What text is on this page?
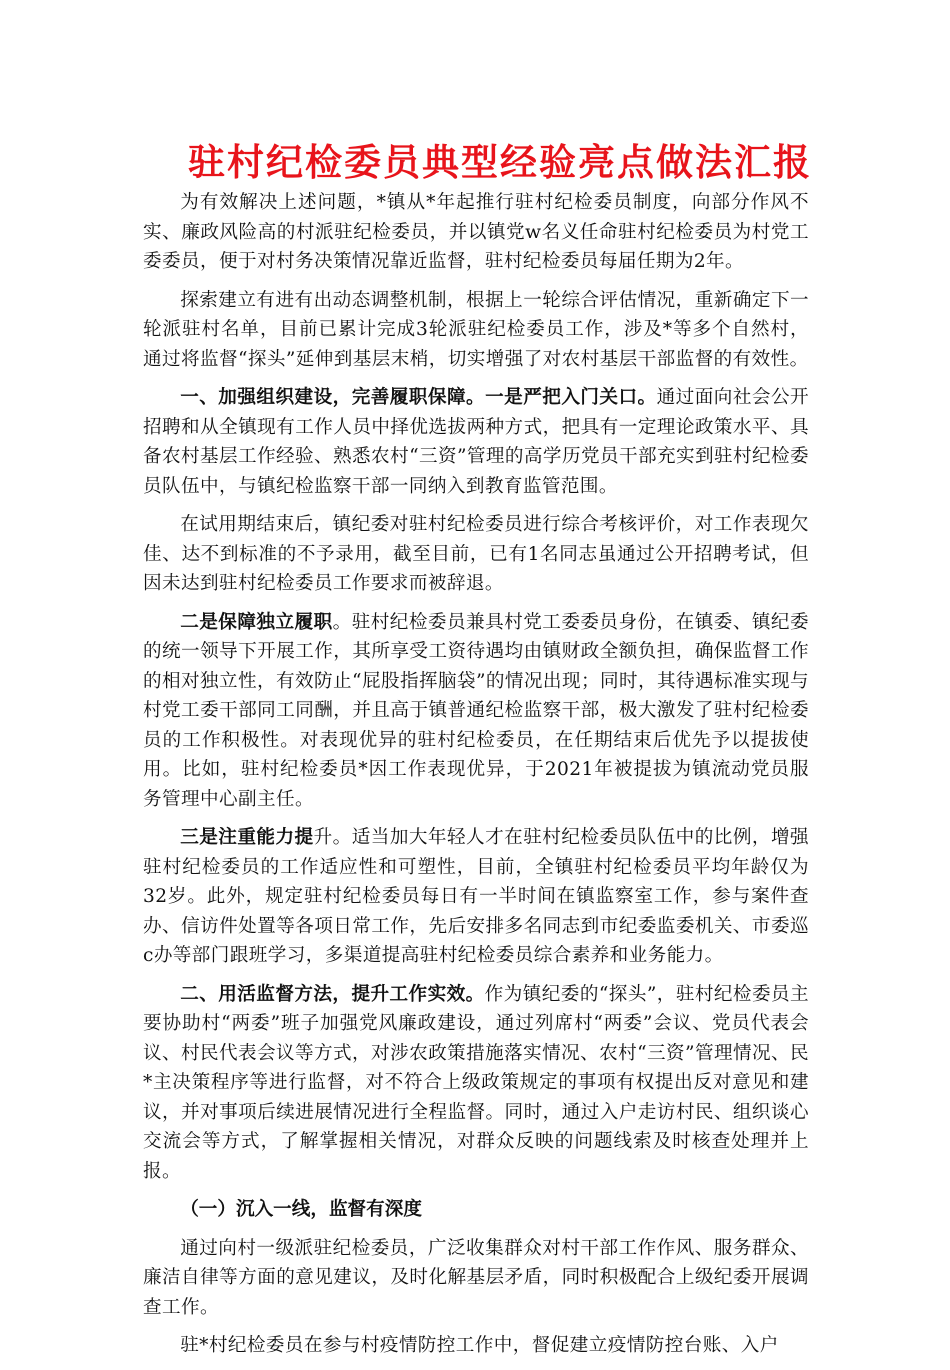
驻村纪检委员典型经验亮点做法汇报

为有效解决上述问题，*镇从*年起推行驻村纪检委员制度，向部分作风不实、廉政风险高的村派驻纪检委员，并以镇党w名义任命驻村纪检委员为村党工委委员，便于对村务决策情况靠近监督，驻村纪检委员每届任期为2年。

探索建立有进有出动态调整机制，根据上一轮综合评估情况，重新确定下一轮派驻村名单，目前已累计完成3轮派驻纪检委员工作，涉及*等多个自然村，通过将监督“探头”延伸到基层末梢，切实增强了对农村基层干部监督的有效性。

一、加强组织建设，完善履职保障。一是严把入门关口。通过面向社会公开招聘和从全镇现有工作人员中择优选拔两种方式，把具有一定理论政策水平、具备农村基层工作经验、熟悉农村“三资”管理的高学历党员干部充实到驻村纪检委员队伍中，与镇纪检监察干部一同纳入到教育监管范围。

在试用期结束后，镇纪委对驻村纪检委员进行综合考核评价，对工作表现欠佳、达不到标准的不予录用，截至目前，已有1名同志虽通过公开招聘考试，但因未达到驻村纪检委员工作要求而被辞退。

二是保障独立履职。驻村纪检委员兼具村党工委委员身份，在镇委、镇纪委的统一领导下开展工作，其所享受工资待遇均由镇财政全额负担，确保监督工作的相对独立性，有效防止“屁股指挥脑袋”的情况出现；同时，其待遇标准实现与村党工委干部同工同酬，并且高于镇普通纪检监察干部，极大激发了驻村纪检委员的工作积极性。对表现优异的驻村纪检委员，在任期结束后优先予以提拔使用。比如，驻村纪检委员*因工作表现优异，于2021年被提拔为镇流动党员服务管理中心副主任。

三是注重能力提升。适当加大年轻人才在驻村纪检委员队伍中的比例，增强驻村纪检委员的工作适应性和可塑性，目前，全镇驻村纪检委员平均年龄仅为32岁。此外，规定驻村纪检委员每日有一半时间在镇监察室工作，参与案件查办、信访件处置等各项日常工作，先后安排多名同志到市纪委监委机关、市委巡c办等部门跟班学习，多渠道提高驻村纪检委员综合素养和业务能力。

二、用活监督方法，提升工作实效。作为镇纪委的“探头”，驻村纪检委员主要协助村“两委”班子加强党风廉政建设，通过列席村“两委”会议、党员代表会议、村民代表会议等方式，对涉农政策措施落实情况、农村“三资”管理情况、民*主决策程序等进行监督，对不符合上级政策规定的事项有权提出反对意见和建议，并对事项后续进展情况进行全程监督。同时，通过入户走访村民、组织谈心交流会等方式，了解掌握相关情况，对群众反映的问题线索及时核查处理并上报。

（一）沉入一线，监督有深度

通过向村一级派驻纪检委员，广泛收集群众对村干部工作作风、服务群众、廉洁自律等方面的意见建议，及时化解基层矛盾，同时积极配合上级纪委开展调查工作。

驻*村纪检委员在参与村疫情防控工作中，督促建立疫情防控台账、入户
